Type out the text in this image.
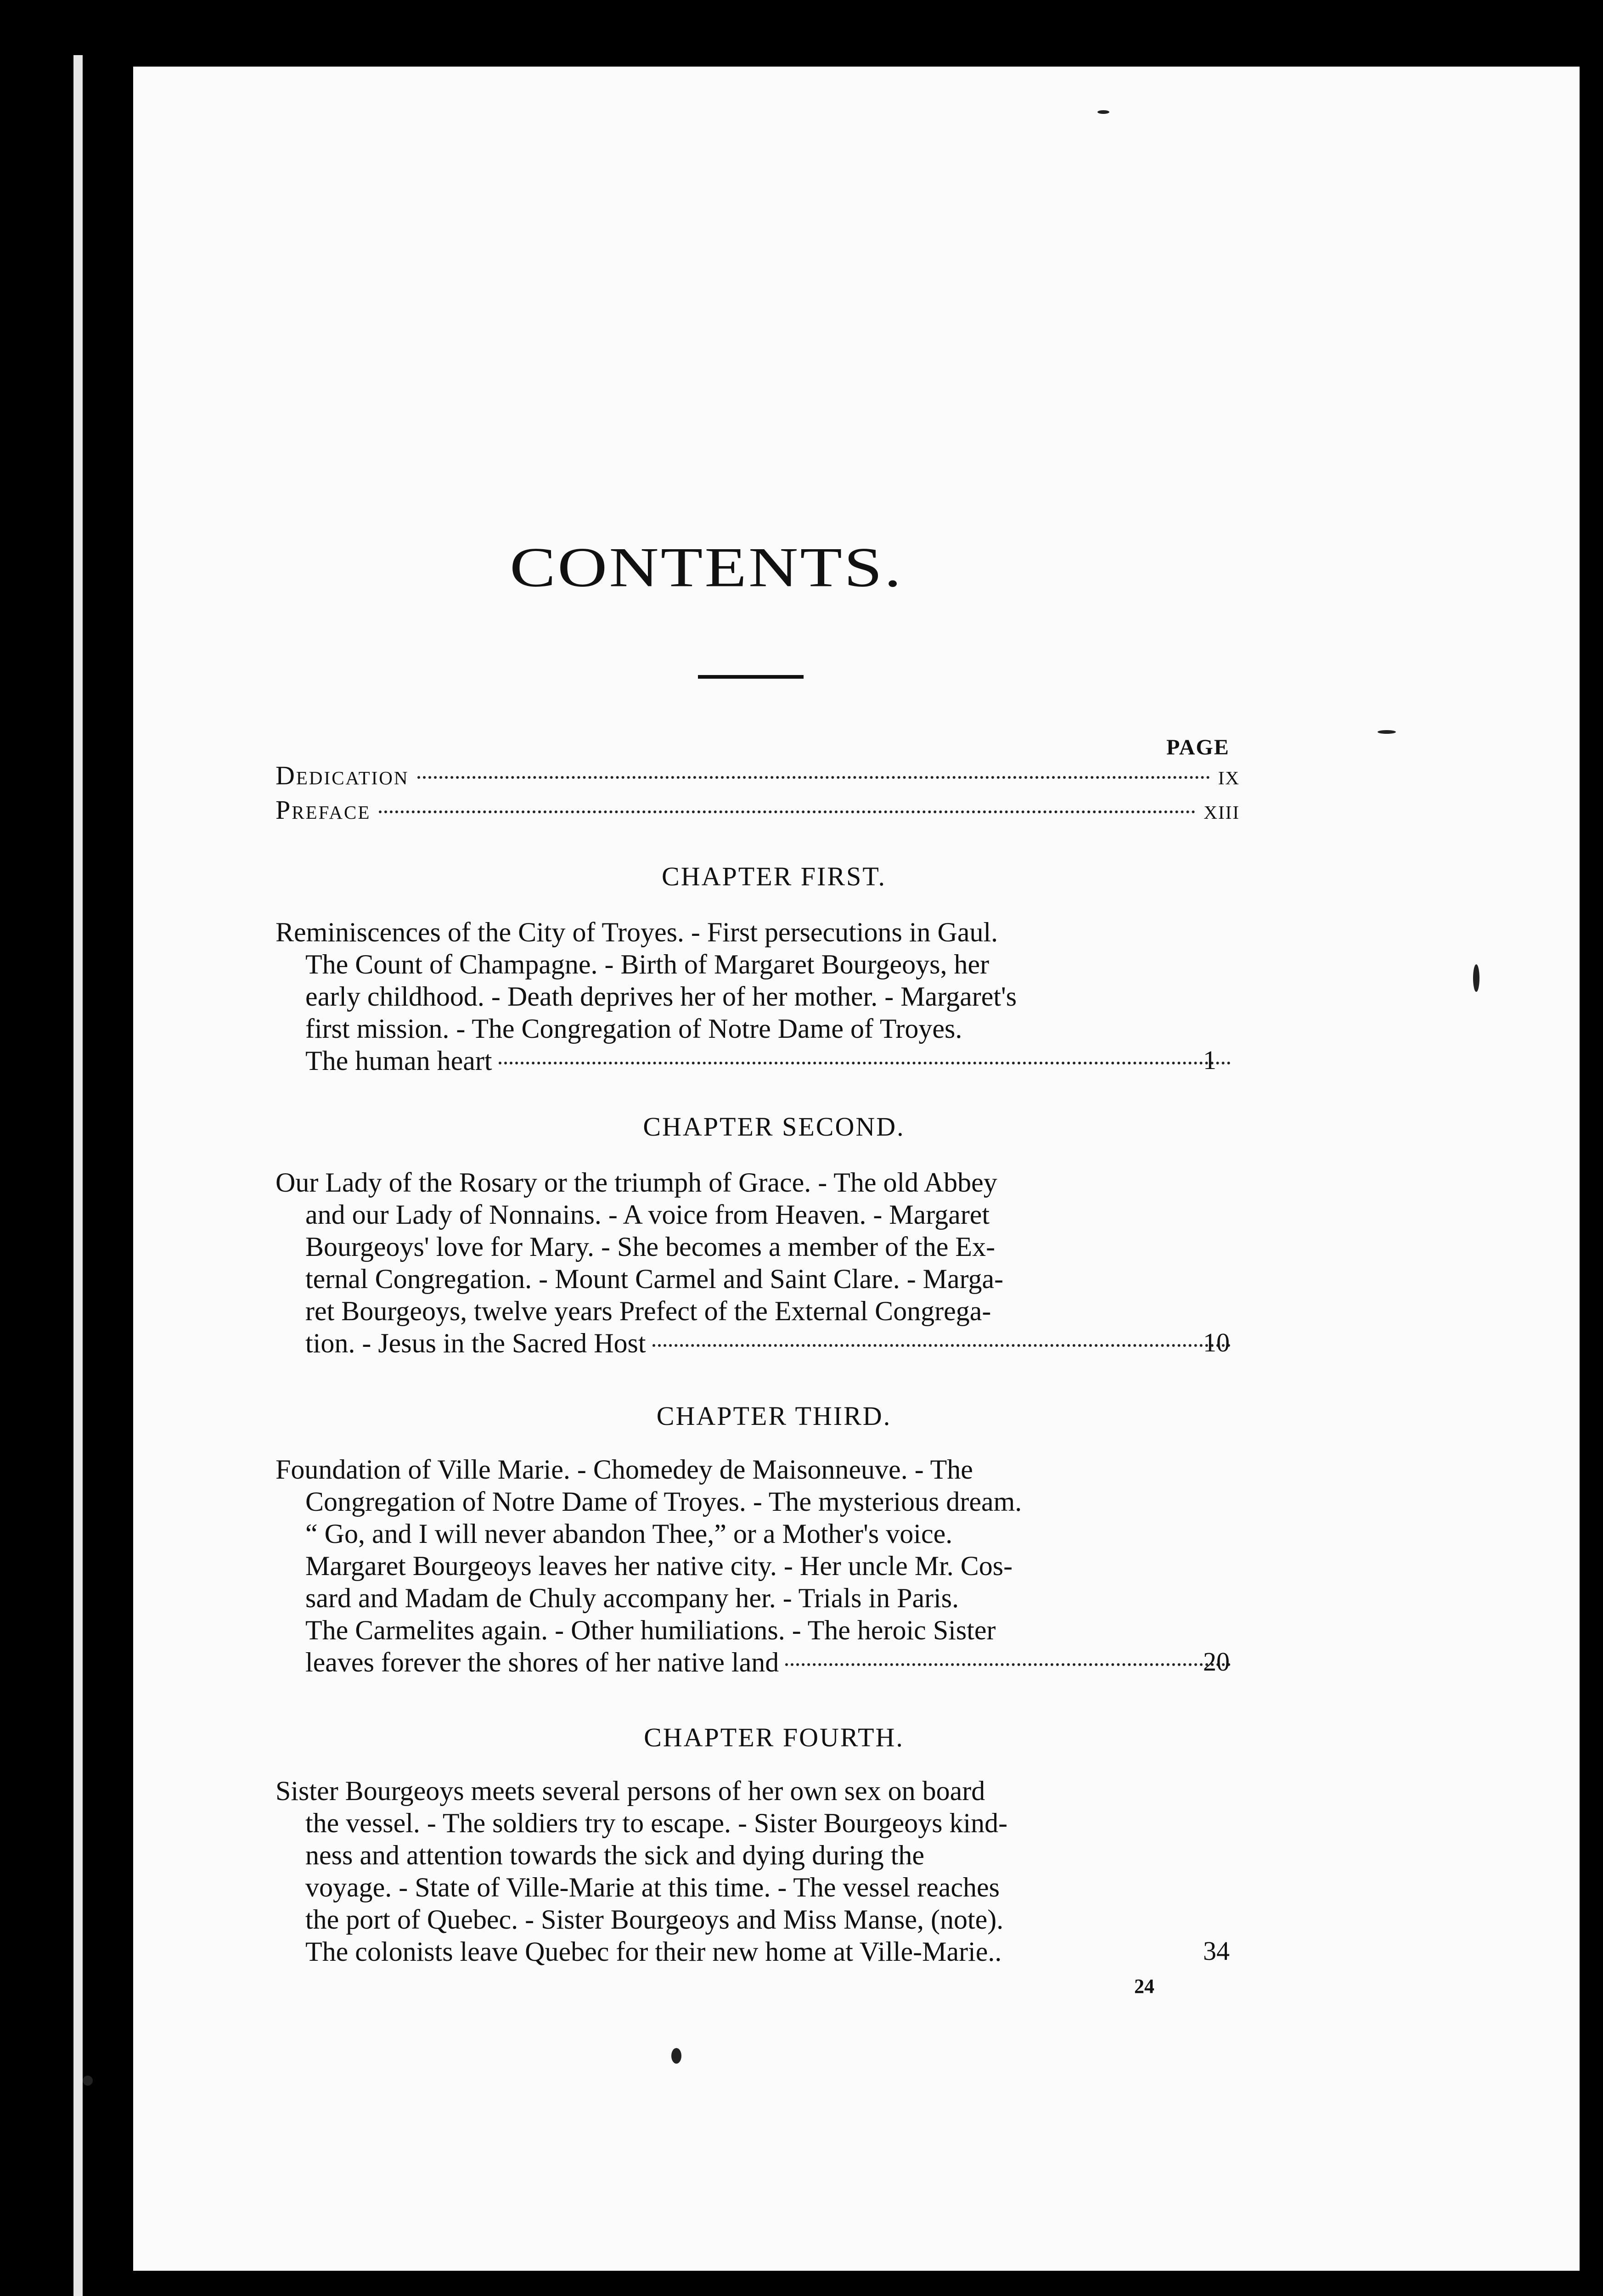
CONTENTS.
PAGE
Dedication	ix
Preface	xiii
CHAPTER FIRST.
Reminiscences of the City of Troyes. - First persecutions in Gaul.
The Count of Champagne. - Birth of Margaret Bourgeoys, her
early childhood. - Death deprives her of her mother. - Margaret's
first mission. - The Congregation of Notre Dame of Troyes.
The human heart	1
CHAPTER SECOND.
Our Lady of the Rosary or the triumph of Grace. - The old Abbey
and our Lady of Nonnains. - A voice from Heaven. - Margaret
Bourgeoys' love for Mary. - She becomes a member of the Ex-
ternal Congregation. - Mount Carmel and Saint Clare. - Marga-
ret Bourgeoys, twelve years Prefect of the External Congrega-
tion. - Jesus in the Sacred Host	10
CHAPTER THIRD.
Foundation of Ville Marie. - Chomedey de Maisonneuve. - The
Congregation of Notre Dame of Troyes. - The mysterious dream.
“ Go, and I will never abandon Thee,” or a Mother's voice.
Margaret Bourgeoys leaves her native city. - Her uncle Mr. Cos-
sard and Madam de Chuly accompany her. - Trials in Paris.
The Carmelites again. - Other humiliations. - The heroic Sister
leaves forever the shores of her native land	20
CHAPTER FOURTH.
Sister Bourgeoys meets several persons of her own sex on board
the vessel. - The soldiers try to escape. - Sister Bourgeoys kind-
ness and attention towards the sick and dying during the
voyage. - State of Ville-Marie at this time. - The vessel reaches
the port of Quebec. - Sister Bourgeoys and Miss Manse, (note).
The colonists leave Quebec for their new home at Ville-Marie..	34
24
